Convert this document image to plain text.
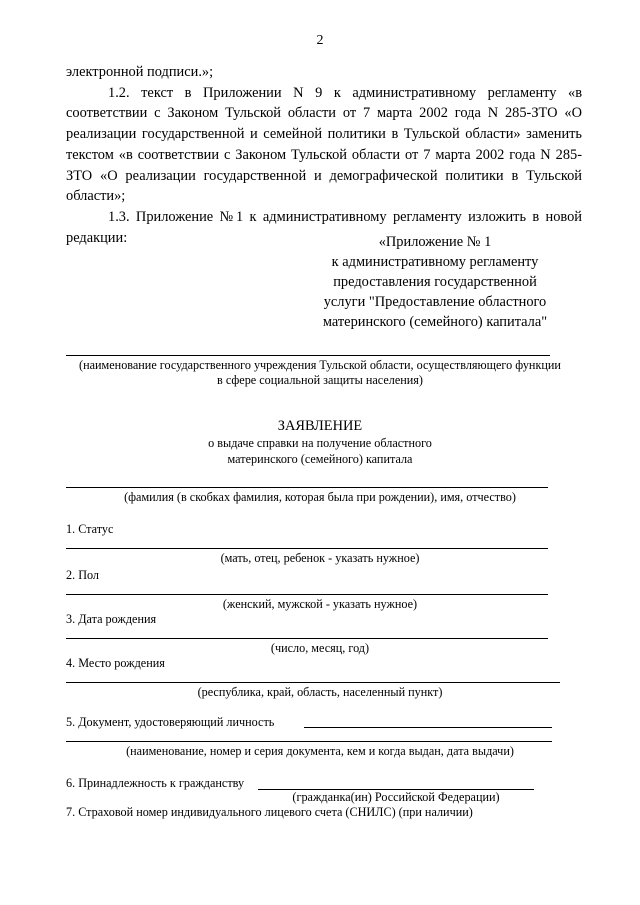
2

электронной подписи.»;

1.2. текст в Приложении N 9 к административному регламенту «в соответствии с Законом Тульской области от 7 марта 2002 года N 285-ЗТО «О реализации государственной и семейной политики в Тульской области» заменить текстом «в соответствии с Законом Тульской области от 7 марта 2002 года N 285-ЗТО «О реализации государственной и демографической политики в Тульской области»;

1.3. Приложение №1 к административному регламенту изложить в новой редакции:	«Приложение № 1
к административному регламенту
предоставления государственной
услуги "Предоставление областного
материнского (семейного) капитала"
(наименование государственного учреждения Тульской области, осуществляющего функции
в сфере социальной защиты населения)
ЗАЯВЛЕНИЕ
о выдаче справки на получение областного
материнского (семейного) капитала
(фамилия (в скобках фамилия, которая была при рождении), имя, отчество)
1. Статус
(мать, отец, ребенок - указать нужное)
2. Пол
(женский, мужской - указать нужное)
3. Дата рождения
(число, месяц, год)
4. Место рождения
(республика, край, область, населенный пункт)
5. Документ, удостоверяющий личность
(наименование, номер и серия документа, кем и когда выдан, дата выдачи)
6. Принадлежность к гражданству
(гражданка(ин) Российской Федерации)
7. Страховой номер индивидуального лицевого счета (СНИЛС) (при наличии)
